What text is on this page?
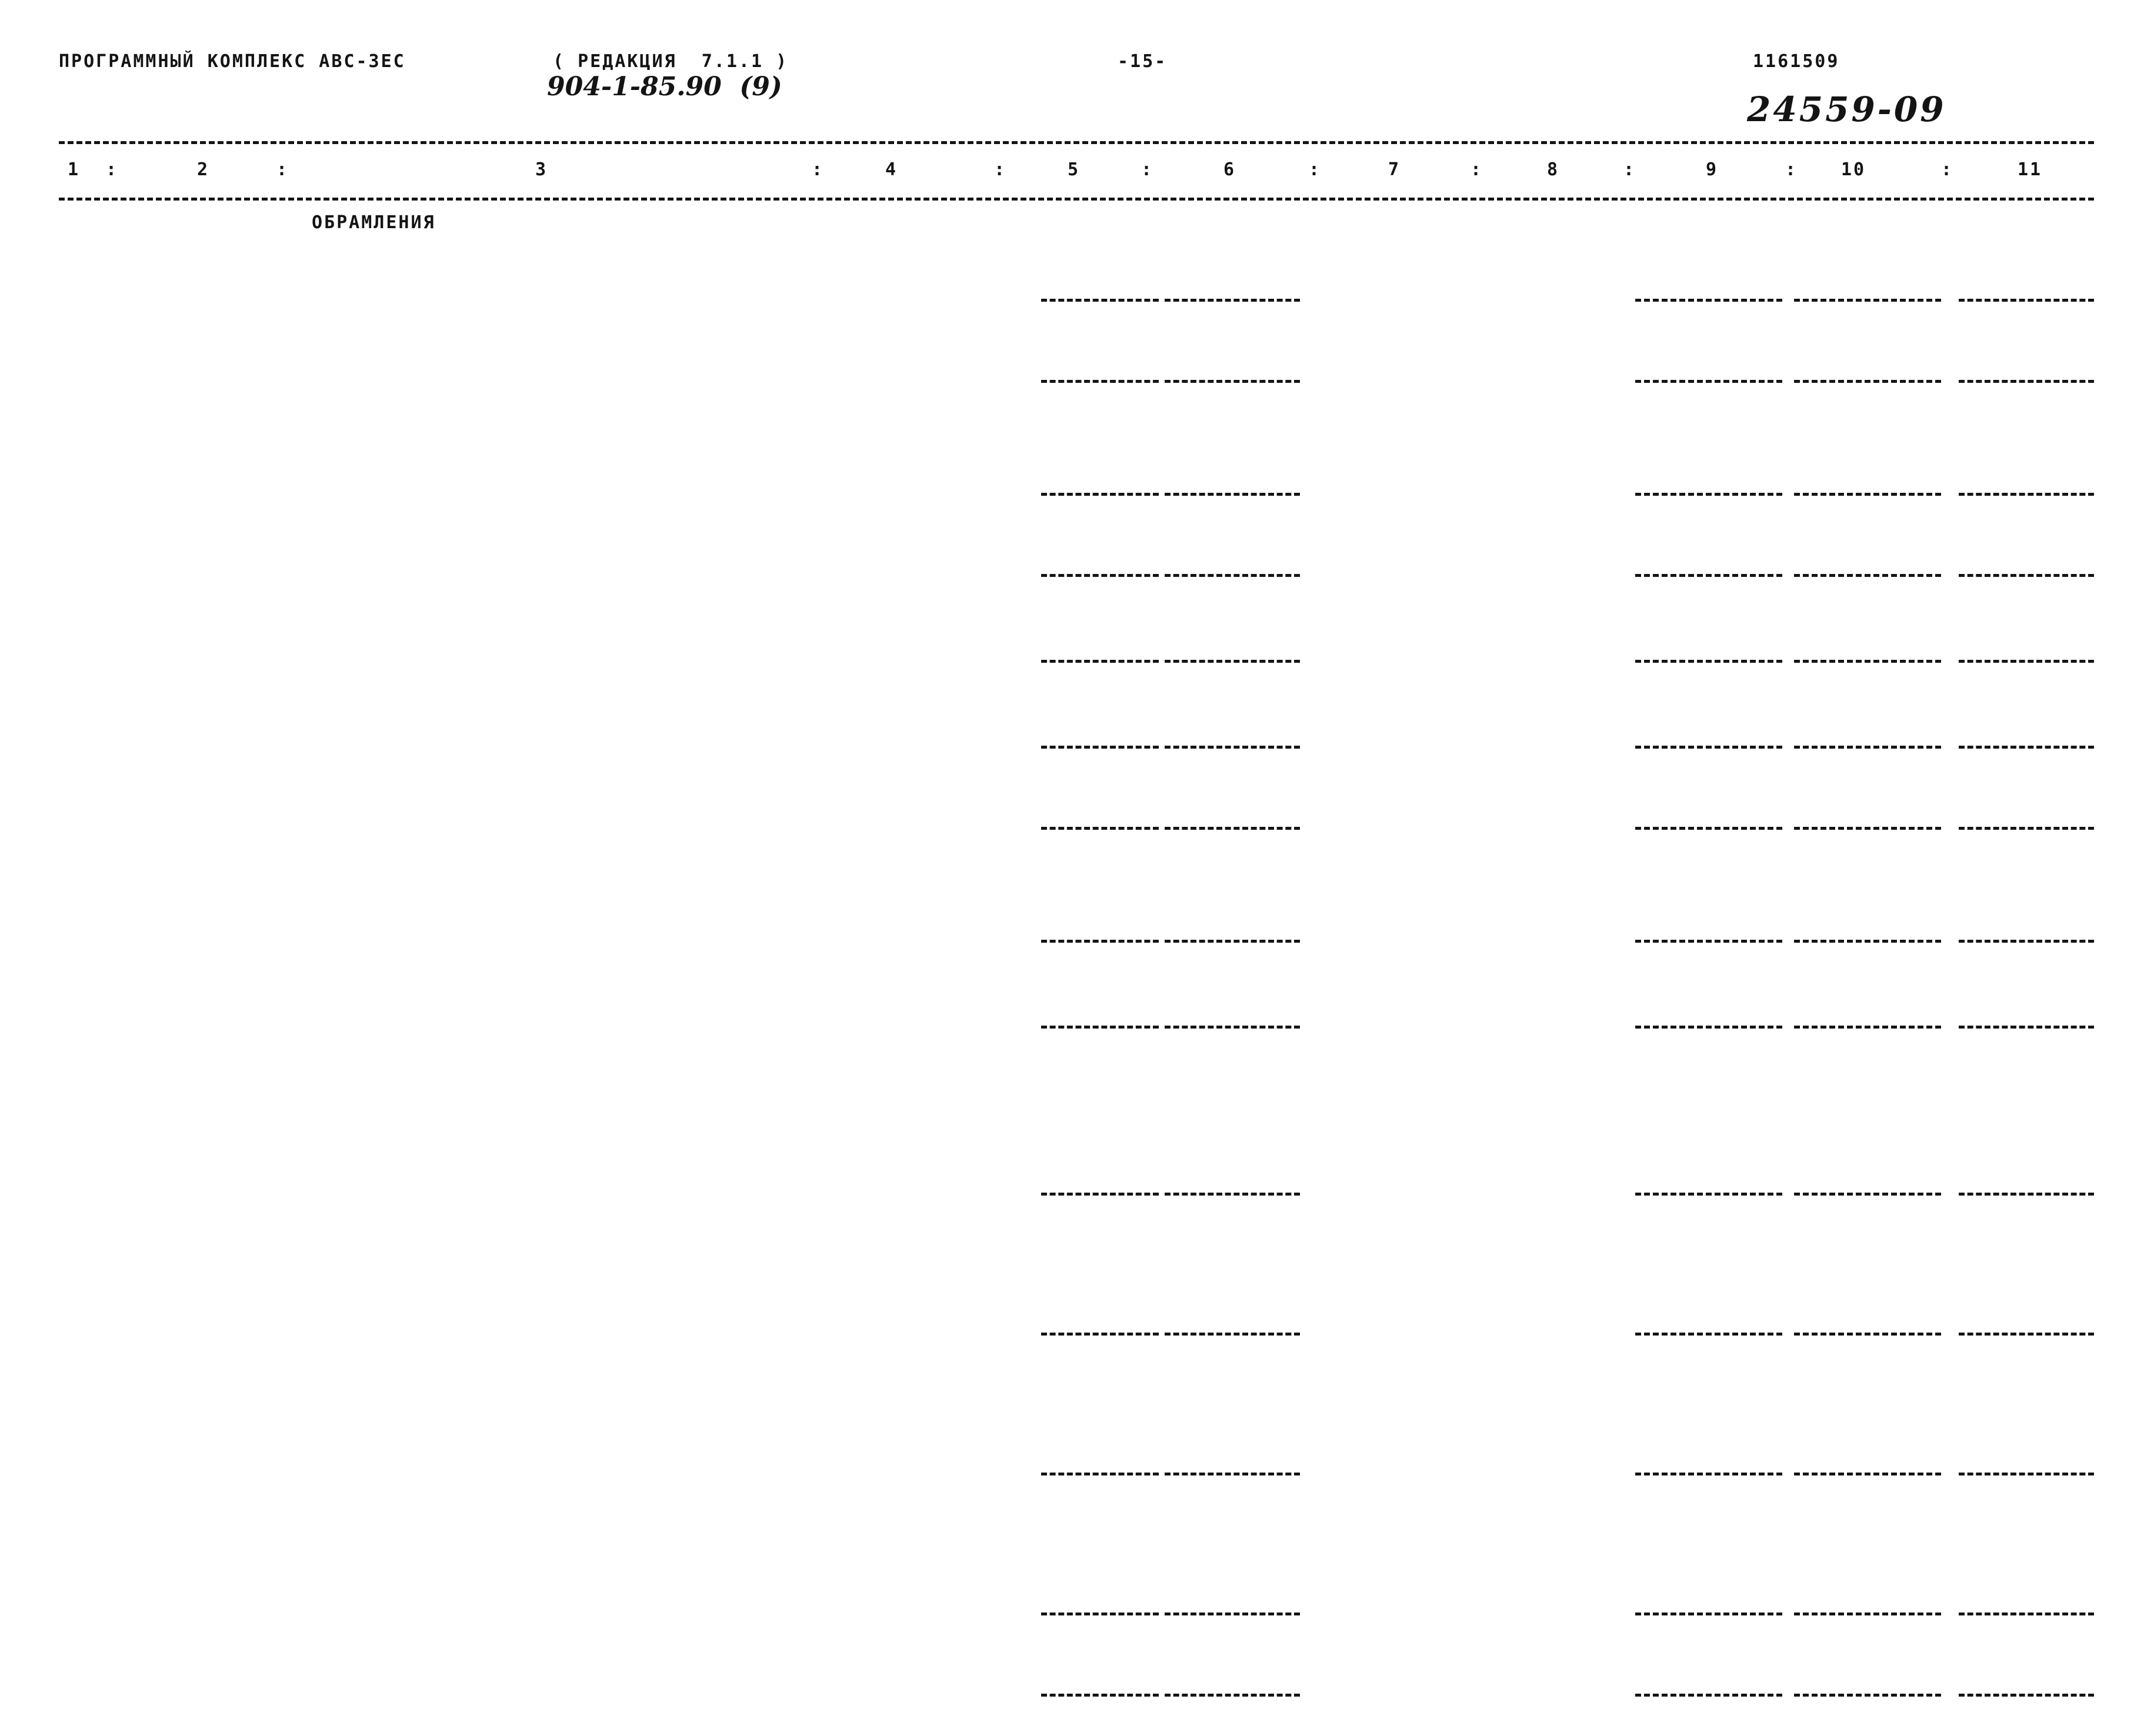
ПРОГРАММНЫЙ КОМПЛЕКС АВС-ЗЕС	( РЕДАКЦИЯ  7.1.1 )	-15-	1161509
904-1-85.90  (9)
24559-09
1	2	3	4	5	6	7	8	9	10	11
:	:	:	:	:	:	:	:	:	:
ОБРАМЛЕНИЯ
